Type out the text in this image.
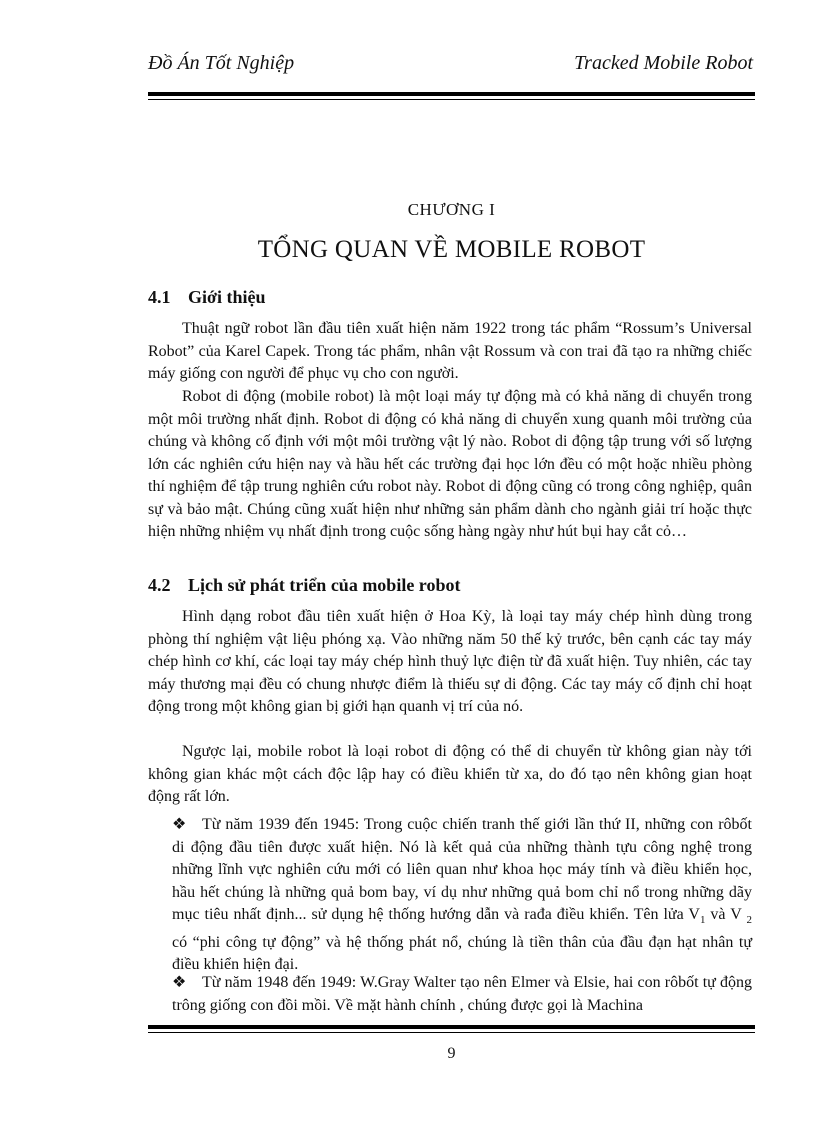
Đồ Án Tốt Nghiệp	Tracked Mobile Robot
CHƯƠNG I
TỔNG QUAN VỀ MOBILE ROBOT
4.1 Giới thiệu

Thuật ngữ robot lần đầu tiên xuất hiện năm 1922 trong tác phẩm “Rossum’s Universal Robot” của Karel Capek. Trong tác phẩm, nhân vật Rossum và con trai đã tạo ra những chiếc máy giống con người để phục vụ cho con người.

Robot di động (mobile robot) là một loại máy tự động mà có khả năng di chuyển trong một môi trường nhất định. Robot di động có khả năng di chuyển xung quanh môi trường của chúng và không cố định với một môi trường vật lý nào. Robot di động tập trung với số lượng lớn các nghiên cứu hiện nay và hầu hết các trường đại học lớn đều có một hoặc nhiều phòng thí nghiệm để tập trung nghiên cứu robot này. Robot di động cũng có trong công nghiệp, quân sự và bảo mật. Chúng cũng xuất hiện như những sản phẩm dành cho ngành giải trí hoặc thực hiện những nhiệm vụ nhất định trong cuộc sống hàng ngày như hút bụi hay cắt cỏ…

4.2 Lịch sử phát triển của mobile robot

Hình dạng robot đầu tiên xuất hiện ở Hoa Kỳ, là loại tay máy chép hình dùng trong phòng thí nghiệm vật liệu phóng xạ. Vào những năm 50 thế kỷ trước, bên cạnh các tay máy chép hình cơ khí, các loại tay máy chép hình thuỷ lực điện từ đã xuất hiện. Tuy nhiên, các tay máy thương mại đều có chung nhược điểm là thiếu sự di động. Các tay máy cố định chỉ hoạt động trong một không gian bị giới hạn quanh vị trí của nó.

Ngược lại, mobile robot là loại robot di động có thể di chuyển từ không gian này tới không gian khác một cách độc lập hay có điều khiển từ xa, do đó tạo nên không gian hoạt động rất lớn.

❖ Từ năm 1939 đến 1945: Trong cuộc chiến tranh thế giới lần thứ II, những con rôbốt di động đầu tiên được xuất hiện. Nó là kết quả của những thành tựu công nghệ trong những lĩnh vực nghiên cứu mới có liên quan như khoa học máy tính và điều khiển học, hầu hết chúng là những quả bom bay, ví dụ như những quả bom chỉ nổ trong những dãy mục tiêu nhất định... sử dụng hệ thống hướng dẫn và rađa điều khiển. Tên lửa $V_1$ và V $_2$ có “phi công tự động” và hệ thống phát nổ, chúng là tiền thân của đầu đạn hạt nhân tự điều khiển hiện đại.

❖ Từ năm 1948 đến 1949: W.Gray Walter tạo nên Elmer và Elsie, hai con rôbốt tự động trông giống con đồi mồi. Về mặt hành chính , chúng được gọi là Machina

9
